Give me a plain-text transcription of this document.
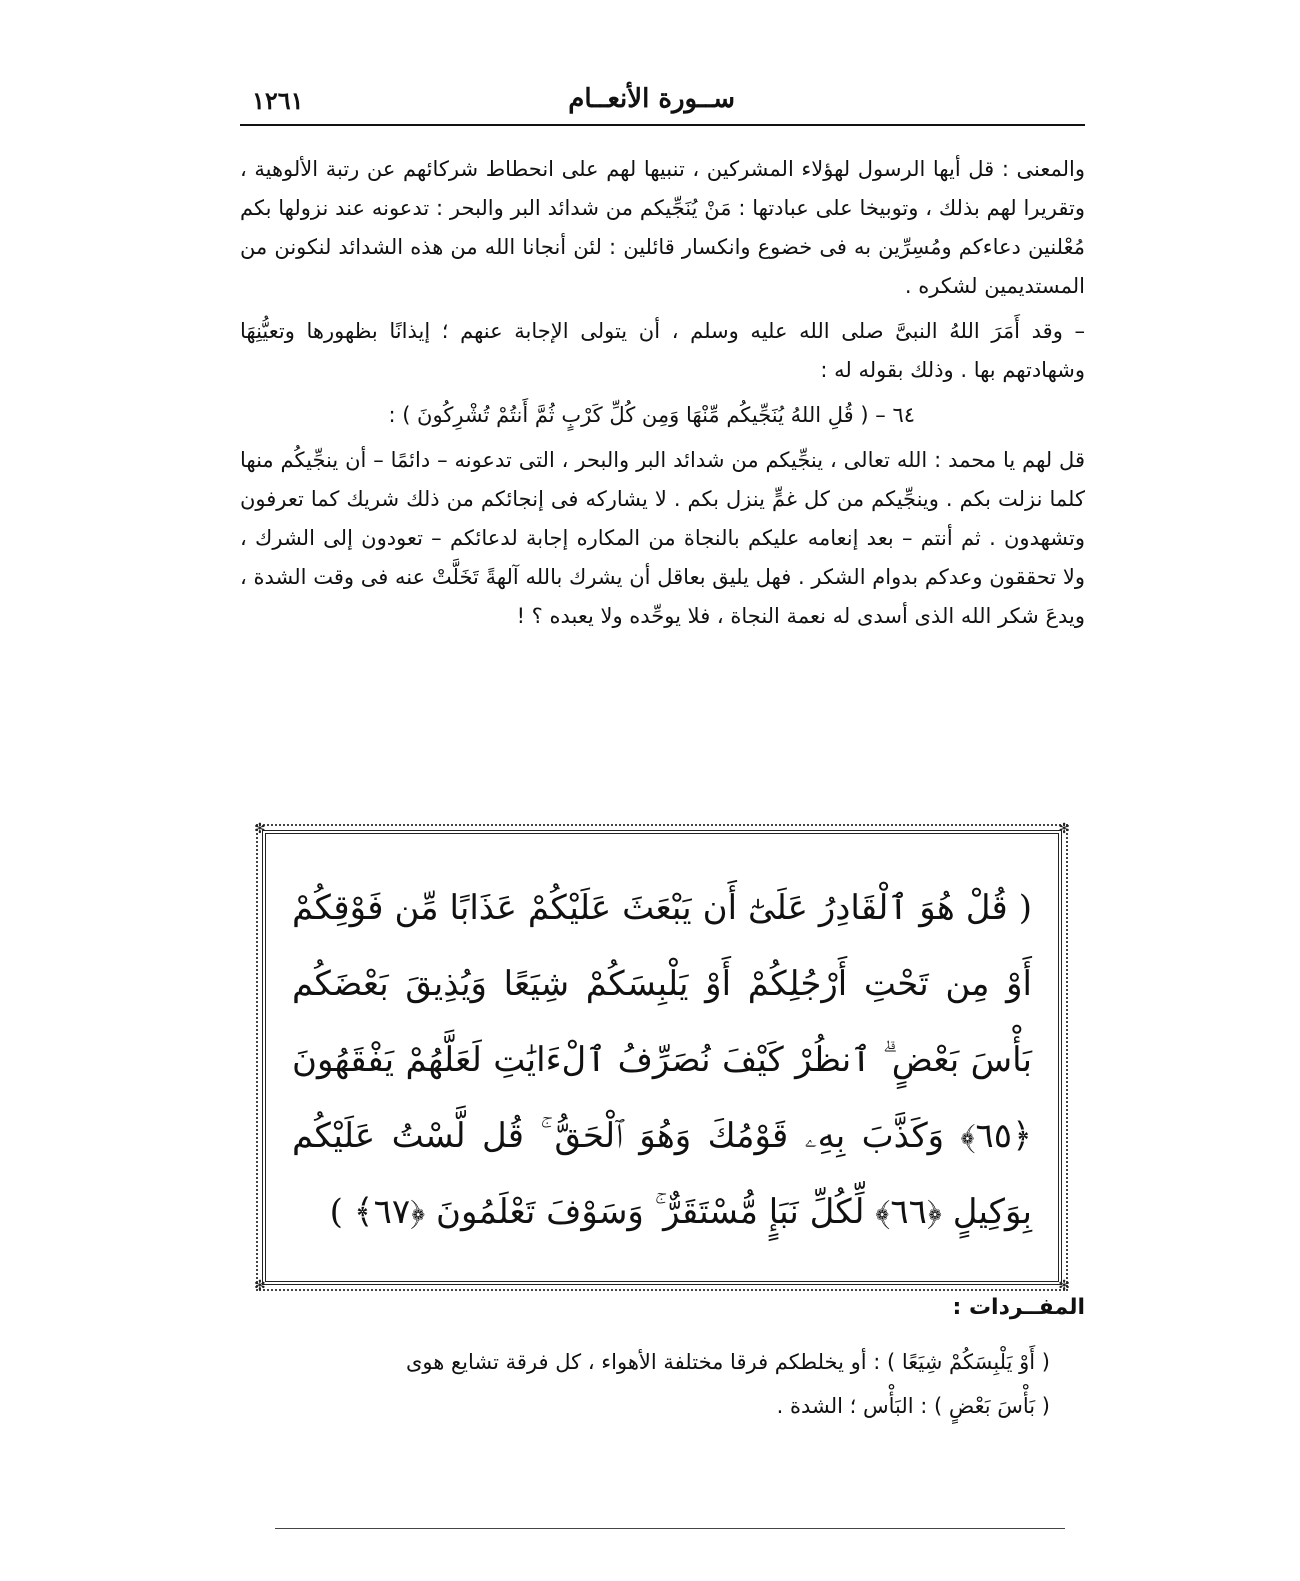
ســورة الأنعــام
١٢٦١

والمعنى : قل أيها الرسول لهؤلاء المشركين ، تنبيها لهم على انحطاط شركائهم عن رتبة الألوهية ، وتقريرا لهم بذلك ، وتوبيخا على عبادتها : مَنْ يُنَجِّيكم من شدائد البر والبحر : تدعونه عند نزولها بكم مُعْلنين دعاءكم ومُسِرِّين به فى خضوع وانكسار قائلين : لئن أنجانا الله من هذه الشدائد لنكونن من المستديمين لشكره .

– وقد أَمَرَ اللهُ النبىَّ صلى الله عليه وسلم ، أن يتولى الإجابة عنهم ؛ إيذانًا بظهورها وتعيُّنِهَا وشهادتهم بها . وذلك بقوله له :

٦٤ – ( قُلِ اللهُ يُنَجِّيكُم مِّنْهَا وَمِن كُلِّ كَرْبٍ ثُمَّ أَنتُمْ تُشْرِكُونَ ) :

قل لهم يا محمد : الله تعالى ، ينجِّيكم من شدائد البر والبحر ، التى تدعونه – دائمًا – أن ينجِّيكُم منها كلما نزلت بكم . وينجِّيكم من كل غمٍّ ينزل بكم . لا يشاركه فى إنجائكم من ذلك شريك كما تعرفون وتشهدون . ثم أنتم – بعد إنعامه عليكم بالنجاة من المكاره إجابة لدعائكم – تعودون إلى الشرك ، ولا تحققون وعدكم بدوام الشكر . فهل يليق بعاقل أن يشرك بالله آلهةً تَخَلَّتْ عنه فى وقت الشدة ، ويدعَ شكر الله الذى أسدى له نعمة النجاة ، فلا يوحِّده ولا يعبده ؟ !

✻	✻
✻	✻
( قُلْ هُوَ ٱلْقَادِرُ عَلَىٰٓ أَن يَبْعَثَ عَلَيْكُمْ عَذَابًا مِّن فَوْقِكُمْ أَوْ مِن تَحْتِ أَرْجُلِكُمْ أَوْ يَلْبِسَكُمْ شِيَعًا وَيُذِيقَ بَعْضَكُم بَأْسَ بَعْضٍ ۗ ٱنظُرْ كَيْفَ نُصَرِّفُ ٱلْءَايَٰتِ لَعَلَّهُمْ يَفْقَهُونَ ﴿٦٥﴾ وَكَذَّبَ بِهِۦ قَوْمُكَ وَهُوَ ٱلْحَقُّ ۚ قُل لَّسْتُ عَلَيْكُم بِوَكِيلٍ ﴿٦٦﴾ لِّكُلِّ نَبَإٍ مُّسْتَقَرٌّ ۚ وَسَوْفَ تَعْلَمُونَ ﴿٦٧﴾ )
المفــردات :
( أَوْ يَلْبِسَكُمْ شِيَعًا ) : أو يخلطكم فرقا مختلفة الأهواء ، كل فرقة تشايع هوى
( بَأْسَ بَعْضٍ ) : البَأْس ؛ الشدة .
